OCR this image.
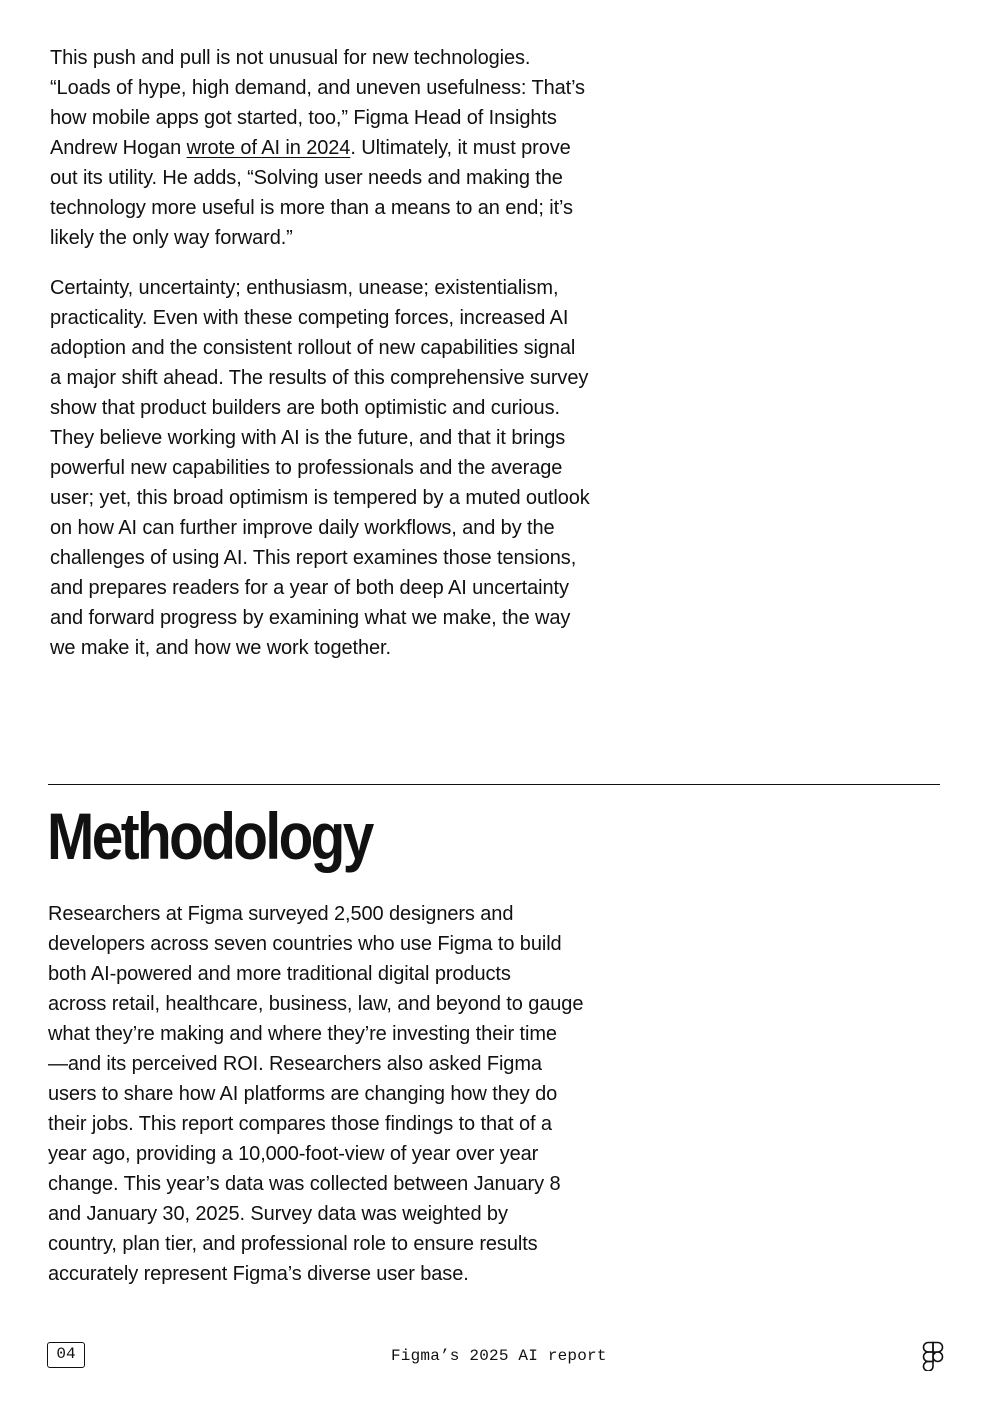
This push and pull is not unusual for new technologies.
“Loads of hype, high demand, and uneven usefulness: That’s
how mobile apps got started, too,” Figma Head of Insights
Andrew Hogan wrote of AI in 2024. Ultimately, it must prove
out its utility. He adds, “Solving user needs and making the
technology more useful is more than a means to an end; it’s
likely the only way forward.”

Certainty, uncertainty; enthusiasm, unease; existentialism,
practicality. Even with these competing forces, increased AI
adoption and the consistent rollout of new capabilities signal
a major shift ahead. The results of this comprehensive survey
show that product builders are both optimistic and curious.
They believe working with AI is the future, and that it brings
powerful new capabilities to professionals and the average
user; yet, this broad optimism is tempered by a muted outlook
on how AI can further improve daily workflows, and by the
challenges of using AI. This report examines those tensions,
and prepares readers for a year of both deep AI uncertainty
and forward progress by examining what we make, the way
we make it, and how we work together.

Methodology

Researchers at Figma surveyed 2,500 designers and
developers across seven countries who use Figma to build
both AI-powered and more traditional digital products
across retail, healthcare, business, law, and beyond to gauge
what they’re making and where they’re investing their time
—and its perceived ROI. Researchers also asked Figma
users to share how AI platforms are changing how they do
their jobs. This report compares those findings to that of a
year ago, providing a 10,000-foot-view of year over year
change. This year’s data was collected between January 8
and January 30, 2025. Survey data was weighted by
country, plan tier, and professional role to ensure results
accurately represent Figma’s diverse user base.

04	Figma’s 2025 AI report
